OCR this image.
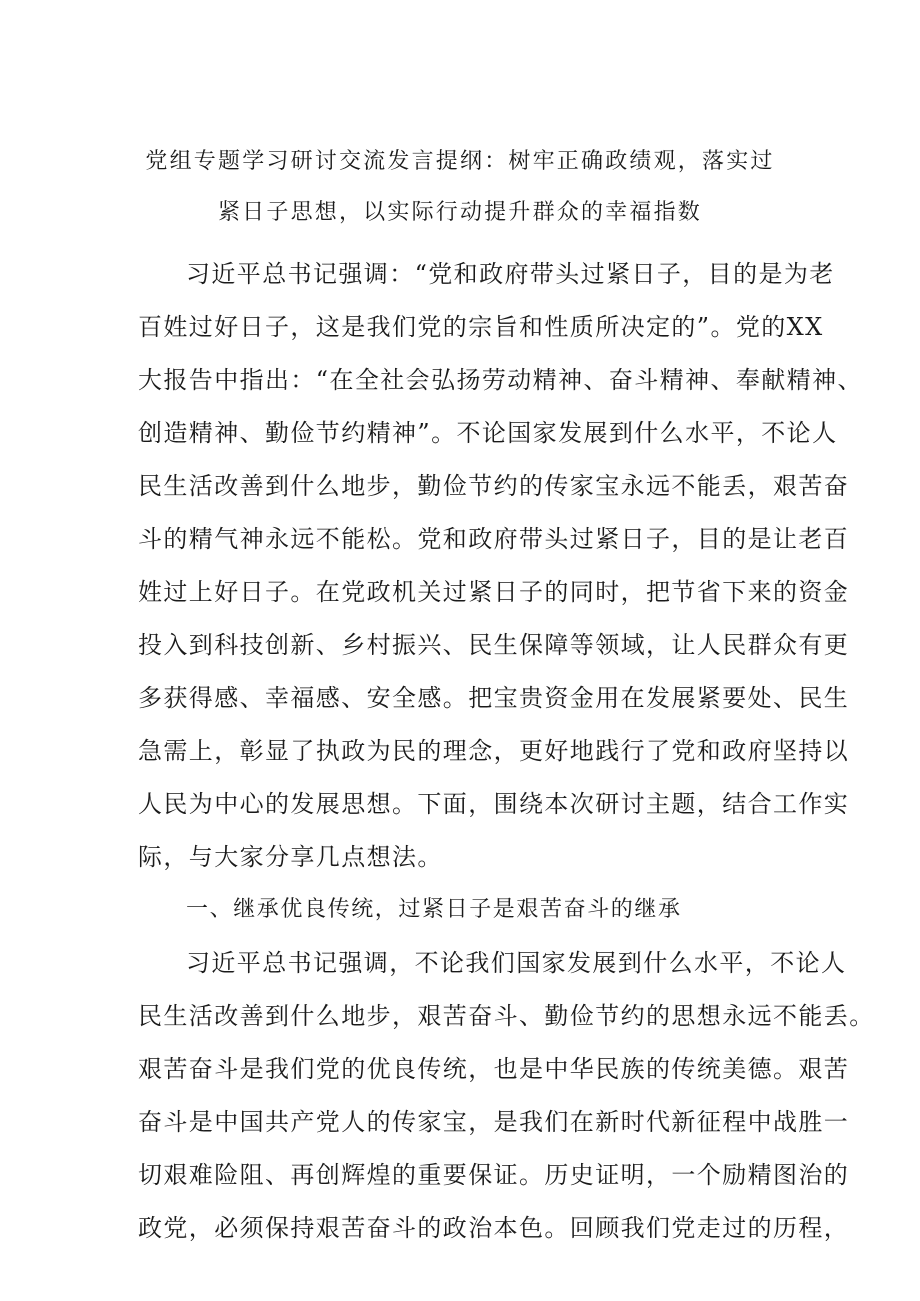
党组专题学习研讨交流发言提纲：树牢正确政绩观，落实过
紧日子思想，以实际行动提升群众的幸福指数
习近平总书记强调：“党和政府带头过紧日子，目的是为老
百姓过好日子，这是我们党的宗旨和性质所决定的”。党的XX
大报告中指出：“在全社会弘扬劳动精神、奋斗精神、奉献精神、
创造精神、勤俭节约精神”。不论国家发展到什么水平，不论人
民生活改善到什么地步，勤俭节约的传家宝永远不能丢，艰苦奋
斗的精气神永远不能松。党和政府带头过紧日子，目的是让老百
姓过上好日子。在党政机关过紧日子的同时，把节省下来的资金
投入到科技创新、乡村振兴、民生保障等领域，让人民群众有更
多获得感、幸福感、安全感。把宝贵资金用在发展紧要处、民生
急需上，彰显了执政为民的理念，更好地践行了党和政府坚持以
人民为中心的发展思想。下面，围绕本次研讨主题，结合工作实
际，与大家分享几点想法。
一、继承优良传统，过紧日子是艰苦奋斗的继承
习近平总书记强调，不论我们国家发展到什么水平，不论人
民生活改善到什么地步，艰苦奋斗、勤俭节约的思想永远不能丢。
艰苦奋斗是我们党的优良传统，也是中华民族的传统美德。艰苦
奋斗是中国共产党人的传家宝，是我们在新时代新征程中战胜一
切艰难险阻、再创辉煌的重要保证。历史证明，一个励精图治的
政党，必须保持艰苦奋斗的政治本色。回顾我们党走过的历程，
